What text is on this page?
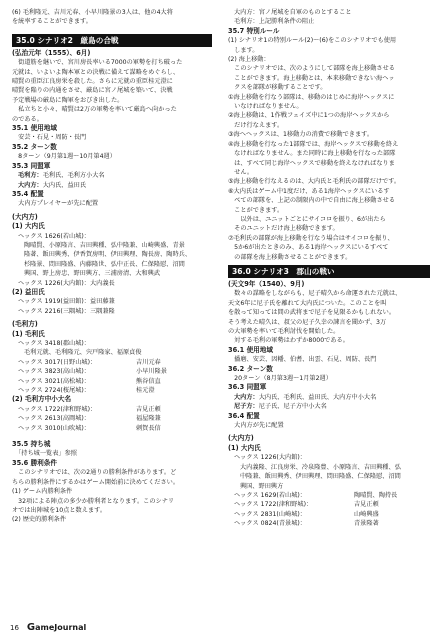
(6) 毛利隆元、吉川元春、小早川隆景の3人は、他の4大将
を統率することができます。
35.0 シナリオ2　厳島の合戦
(弘治元年（1555）、6月)
　街道筋を継いで、宮川房長率いる7000の軍勢を打ち破った
元就は、いよいよ陶本軍との決戦に備えて謀略をめぐらし、
晴賢の重臣江良房栄を殺した。さらに元就の重臣桂元澄に
晴賢を陥りの内通をさせ、厳島に宮ノ尾城を築いて、決戦
予定戦場の厳島に陶軍をおびき出した。
　私立ちと小々、晴賢は2万の軍勢を率いて厳島へ向かった
のである。
35.1 使用地域
　安芸・石見・周防・長門
35.2 ターン数
　8ターン（9月第1週～10月第4週）
35.3 同盟軍
毛利方：毛利氏、毛利方小大名
大内方：大内氏、益田氏
35.4 配置
　大内方プレイヤーが先に配置
(大内方)
(1) 大内氏
ヘックス 1626(若山城)：
陶晴賢、小原隆言、吉田興種、弘中隆兼、山崎興盛、青景
隆著、飯田興秀、伊香賀房明、伊田興理、陶長房、陶時兵、
杉隆景、問田隆盛、内藤隆世、弘中正長、仁保隆慰、沼間
興国、野上房忠、野田興方、三浦房清、大和興武
ヘックス 1226(大内館)：大内義長
(2) 益田氏
ヘックス 1919(益田館)：益田藤兼
ヘックス 2216(三隅城)：三隅兼隆
(毛利方)
(1) 毛利氏
ヘックス 3418(郡山城)：
毛利元就、毛利隆元、宍戸隆家、福原貞俊
ヘックス 3017(日野山城)：	吉川元春
ヘックス 3823(高山城)：	小早川隆景
ヘックス 3021(高松城)：	熊谷信直
ヘックス 2724(桜尾城)：	桂元澄
(2) 毛利方中小大名
ヘックス 1722(津和野城)：	吉見正頼
ヘックス 2613(高岡城)：	福屋隆兼
ヘックス 3010(山吹城)：	刺賀長信
35.5 持ち城
　「持ち城一覧表」参照
35.6 勝利条件
　このシナリオでは、次の2通りの勝利条件があります。ど
ちらの勝利条件にするかはゲーム開始前に決めてください。
(1) ゲーム内勝利条件
　32項による陣点の多少か勝利者となります。このシナリ
オでは出陣城を10点と数えます。
(2) 歴史的勝利条件
大内方：宮ノ尾城を自軍のものとすること
毛利方：上記勝利条件の阻止
35.7 特別ルール
(1) シナリオ1の特別ルール(2)～(6)をこのシナリオでも使用
　します。
(2) 海上移動：
　このシナリオでは、次のようにして部隊を海上移動させる
　ことができます。海上移動とは、本来移動できない海ヘッ
　クスを部隊が移動することです。
①海上移動を行なう部隊は、移動のはじめに海岸ヘックスに
　いなければなりません。
②海上移動は、1作戦フェイズ中に1つの海岸ヘックスから
　だけ行なえます。
③海へヘックスは、1移動力の消費で移動できます。
④海上移動を行なった1部隊では、海岸ヘックスで移動を終え
　なければなりません。また同時に海上移動を行なった部隊
　は、すべて同じ海岸ヘックスで移動を終えなければなりま
　せん。
⑤海上移動を行なえるのは、大内氏と毛利氏の部隊だけです。
⑥大内氏はゲーム中1度だけ、ある1海岸ヘックスにいるす
　べての部隊を、上記の制限内の中で自由に海上移動させる
　ことができます。
　　以外は、ユニットごとにサイコロを振り、6が出たら
　そのユニットだけ海上移動できます。
⑦毛利氏の部隊が海上移動を行なう場合はサイコロを振り、
　5か6が出たときのみ、ある1海岸ヘックスにいるすべて
　の部隊を海上移動させることができます。
36.0 シナリオ3　郡山の戦い
(天文9年（1540）、9月)
　数々の謀略をしながらも、尼子晴久から命運された元就は、
天文6年に尼子氏を離れて大内氏についた。このことを叫
を散って知っては間の武将まで尼子を見限るかもしれない。
そう考えた晴久は、叔父の尼子久幸の諫言を聞かず、3万
の大軍勢を率いて毛利討伐を開始した。
　対する毛利の軍勢はわずか8000である。
36.1 使用地域
　播磨、安芸、因幡、伯耆、出雲、石見、周防、長門
36.2 ターン数
　20ターン（8月第3週～1月第2週）
36.3 同盟軍
大内方：大内氏、毛利氏、益田氏、大内方中小大名
尼子方：尼子氏、尼子方中小大名
36.4 配置
　大内方が先に配置
(大内方)
(1) 大内氏
ヘックス 1226(大内館)：
大内義隆、江良房栄、冷泉隆豊、小原隆言、吉田興種、弘
中隆兼、飯田興秀、伊田興理、問田隆盛、仁保隆慰、沼間
興国、野田興方
ヘックス 1629(若山城)：	陶晴賢、陶持長
ヘックス 1722(津和野城)：	吉見正頼
ヘックス 2831(山崎城)：	山崎興盛
ヘックス 0824(青景城)：	青景隆著
16 GameJournal
